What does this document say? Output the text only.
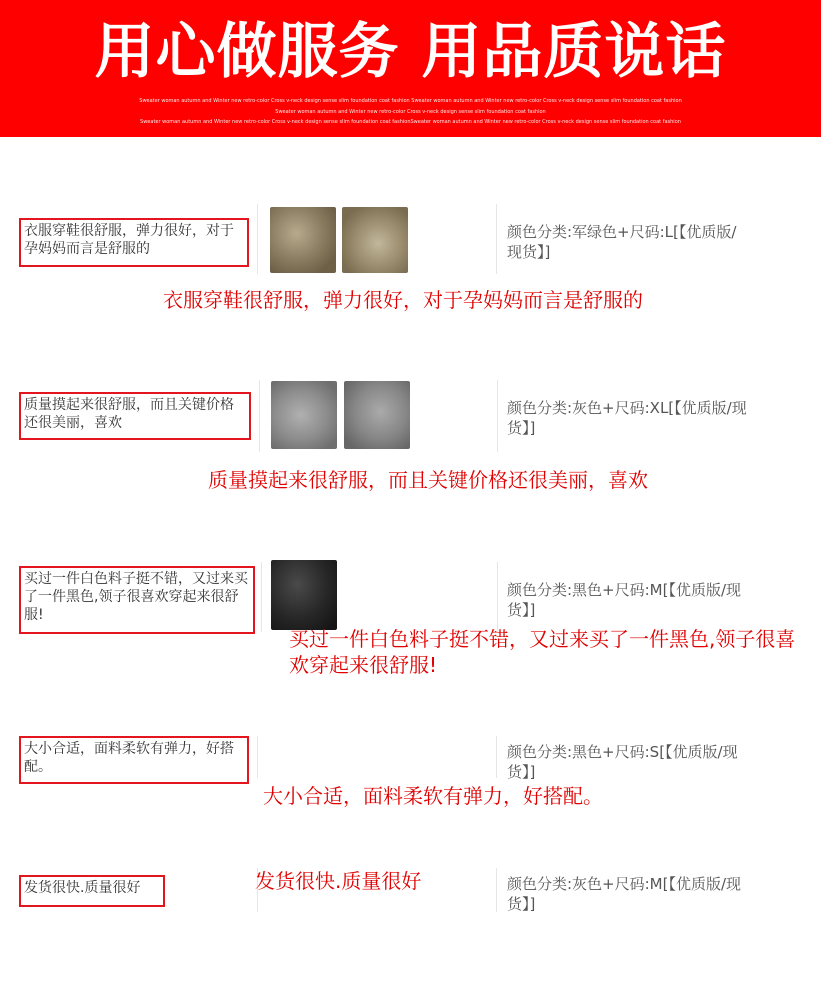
用心做服务 用品质说话
Sweater woman autumn and Winter new retro-color Cross v-neck design sense slim foundation coat fashion Sweater woman autumn and Winter new retro-color Cross v-neck design sense slim foundation coat fashion
Sweater woman autumn and Winter new retro-color Cross v-neck design sense slim foundation coat fashion
Sweater woman autumn and Winter new retro-color Cross v-neck design sense slim foundation coat fashionSweater woman autumn and Winter new retro-color Cross v-neck design sense slim foundation coat fashion
衣服穿鞋很舒服，弹力很好，对于孕妈妈而言是舒服的
颜色分类:军绿色+尺码:L[【优质版/现货】]
衣服穿鞋很舒服，弹力很好，对于孕妈妈而言是舒服的
质量摸起来很舒服，而且关键价格还很美丽，喜欢
颜色分类:灰色+尺码:XL[【优质版/现货】]
质量摸起来很舒服，而且关键价格还很美丽，喜欢
买过一件白色料子挺不错，又过来买了一件黑色,领子很喜欢穿起来很舒服!
颜色分类:黑色+尺码:M[【优质版/现货】]
买过一件白色料子挺不错，又过来买了一件黑色,领子很喜欢穿起来很舒服!
大小合适，面料柔软有弹力，好搭配。
颜色分类:黑色+尺码:S[【优质版/现货】]
大小合适，面料柔软有弹力，好搭配。
发货很快.质量很好	颜色分类:灰色+尺码:M[【优质版/现货】]
发货很快.质量很好
